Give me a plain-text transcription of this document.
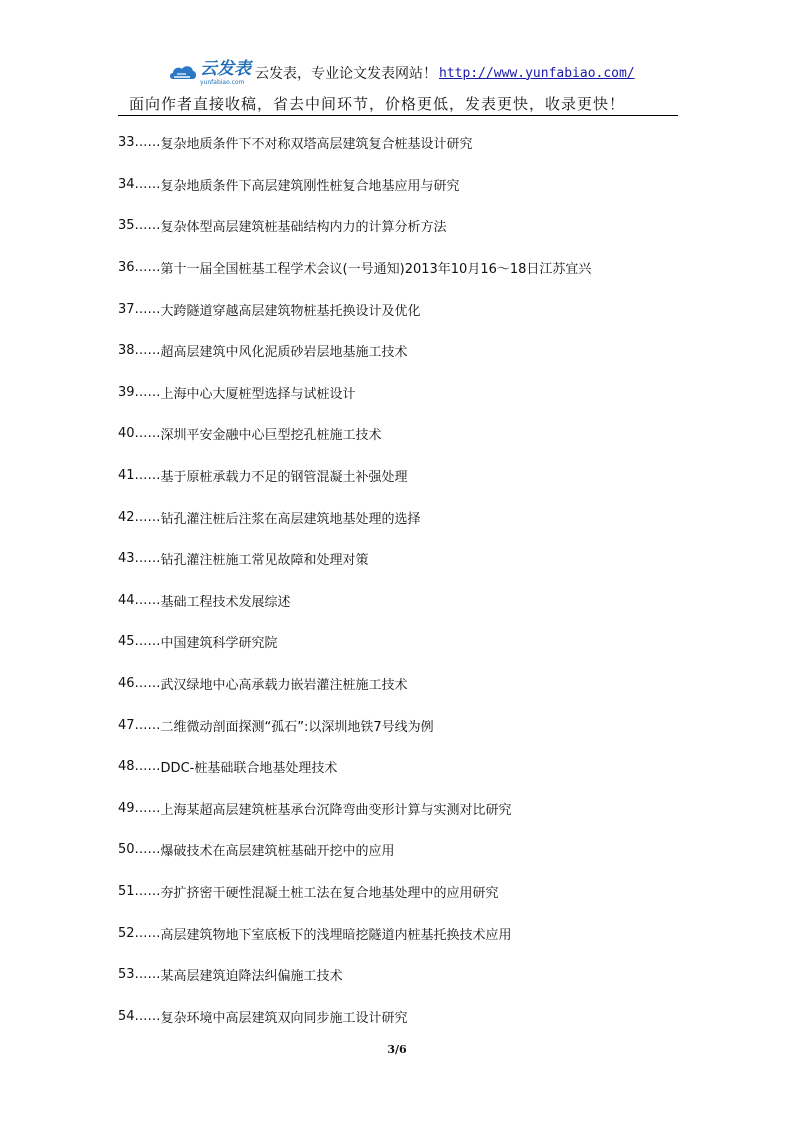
云发表
yunfabiao.com 云发表，专业论文发表网站！ http://www.yunfabiao.com/
面向作者直接收稿，省去中间环节，价格更低，发表更快，收录更快！
33 …… 复杂地质条件下不对称双塔高层建筑复合桩基设计研究
34 …… 复杂地质条件下高层建筑刚性桩复合地基应用与研究
35 …… 复杂体型高层建筑桩基础结构内力的计算分析方法
36 …… 第十一届全国桩基工程学术会议(一号通知)2013年10月16～18日江苏宜兴
37 …… 大跨隧道穿越高层建筑物桩基托换设计及优化
38 …… 超高层建筑中风化泥质砂岩层地基施工技术
39 …… 上海中心大厦桩型选择与试桩设计
40 …… 深圳平安金融中心巨型挖孔桩施工技术
41 …… 基于原桩承载力不足的钢管混凝土补强处理
42 …… 钻孔灌注桩后注浆在高层建筑地基处理的选择
43 …… 钻孔灌注桩施工常见故障和处理对策
44 …… 基础工程技术发展综述
45 …… 中国建筑科学研究院
46 …… 武汉绿地中心高承载力嵌岩灌注桩施工技术
47 …… 二维微动剖面探测“孤石”:以深圳地铁7号线为例
48 …… DDC-桩基础联合地基处理技术
49 …… 上海某超高层建筑桩基承台沉降弯曲变形计算与实测对比研究
50 …… 爆破技术在高层建筑桩基础开挖中的应用
51 …… 夯扩挤密干硬性混凝土桩工法在复合地基处理中的应用研究
52 …… 高层建筑物地下室底板下的浅埋暗挖隧道内桩基托换技术应用
53 …… 某高层建筑迫降法纠偏施工技术
54 …… 复杂环境中高层建筑双向同步施工设计研究
3/6
